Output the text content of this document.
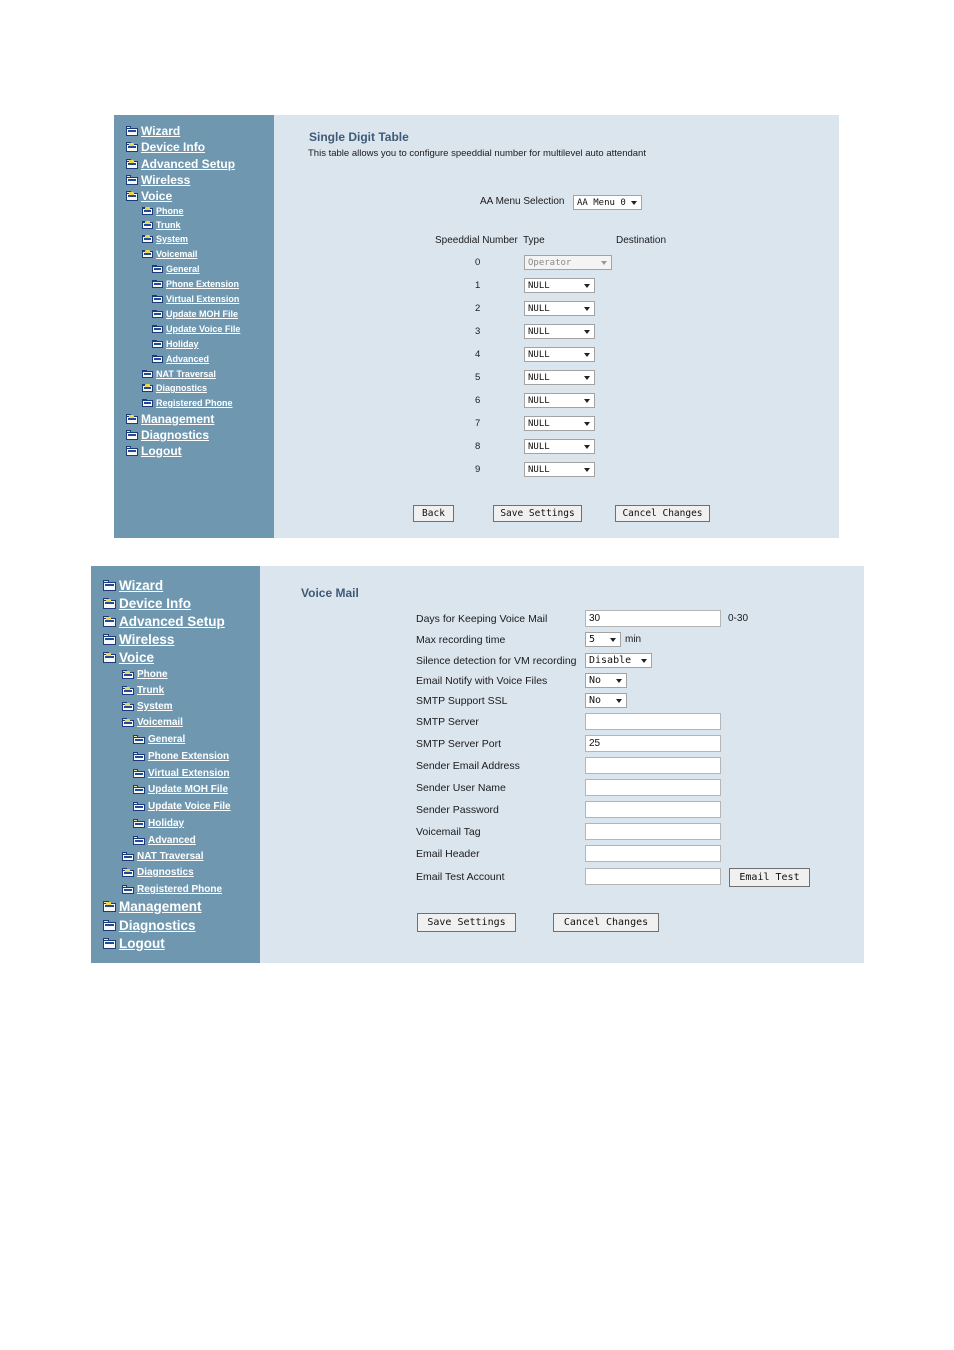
Wizard
Device Info
Advanced Setup
Wireless
Voice
Phone
Trunk
System
Voicemail
General
Phone Extension
Virtual Extension
Update MOH File
Update Voice File
Holiday
Advanced
NAT Traversal
Diagnostics
Registered Phone
Management
Diagnostics
Logout
Single Digit Table
This table allows you to configure speeddial number for multilevel auto attendant
AA Menu Selection AA Menu 0
Speeddial Number Type	Destination
0	Operator
1	NULL
2	NULL
3	NULL
4	NULL
5	NULL
6	NULL
7	NULL
8	NULL
9	NULL
Back	Save Settings	Cancel Changes
Wizard
Device Info
Advanced Setup
Wireless
Voice
Phone
Trunk
System
Voicemail
General
Phone Extension
Virtual Extension
Update MOH File
Update Voice File
Holiday
Advanced
NAT Traversal
Diagnostics
Registered Phone
Management
Diagnostics
Logout
Voice Mail
Days for Keeping Voice Mail	30	0-30
Max recording time	5	min
Silence detection for VM recording Disable
Email Notify with Voice Files	No
SMTP Support SSL	No
SMTP Server
SMTP Server Port	25
Sender Email Address
Sender User Name
Sender Password
Voicemail Tag
Email Header
Email Test Account	Email Test
Save Settings	Cancel Changes
